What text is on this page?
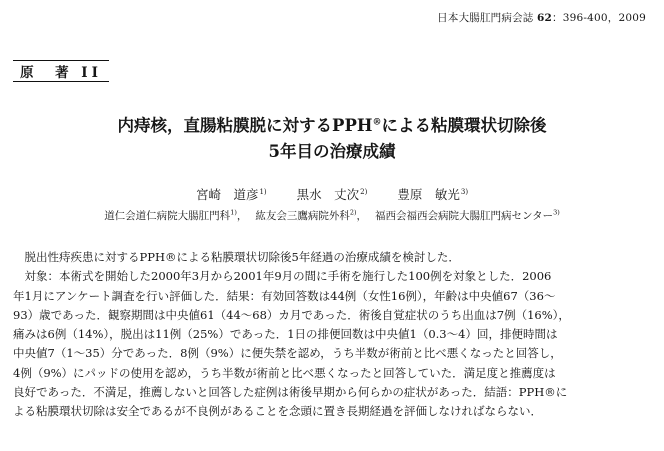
日本大腸肛門病会誌 62：396-400，2009
原　著 II
内痔核，直腸粘膜脱に対するPPH®による粘膜環状切除後
5年目の治療成績
宮崎　道彦$^{1)}$ 黒水　丈次$^{2)}$ 豊原　敏光$^{3)}$
道仁会道仁病院大腸肛門科$^{1)}$， 紘友会三鷹病院外科$^{2)}$， 福西会福西会病院大腸肛門病センター$^{3)}$

脱出性痔疾患に対するPPH®による粘膜環状切除後5年経過の治療成績を検討した．

対象：本術式を開始した2000年3月から2001年9月の間に手術を施行した100例を対象とした．2006

年1月にアンケート調査を行い評価した．結果：有効回答数は44例（女性16例），年齢は中央値67（36～

93）歳であった．観察期間は中央値61（44～68）カ月であった．術後自覚症状のうち出血は7例（16%），

痛みは6例（14%），脱出は11例（25%）であった．1日の排便回数は中央値1（0.3～4）回，排便時間は

中央値7（1～35）分であった．8例（9%）に便失禁を認め，うち半数が術前と比べ悪くなったと回答し，

4例（9%）にパッドの使用を認め，うち半数が術前と比べ悪くなったと回答していた．満足度と推薦度は

良好であった．不満足，推薦しないと回答した症例は術後早期から何らかの症状があった．結語：PPH®に

よる粘膜環状切除は安全であるが不良例があることを念頭に置き長期経過を評価しなければならない．
